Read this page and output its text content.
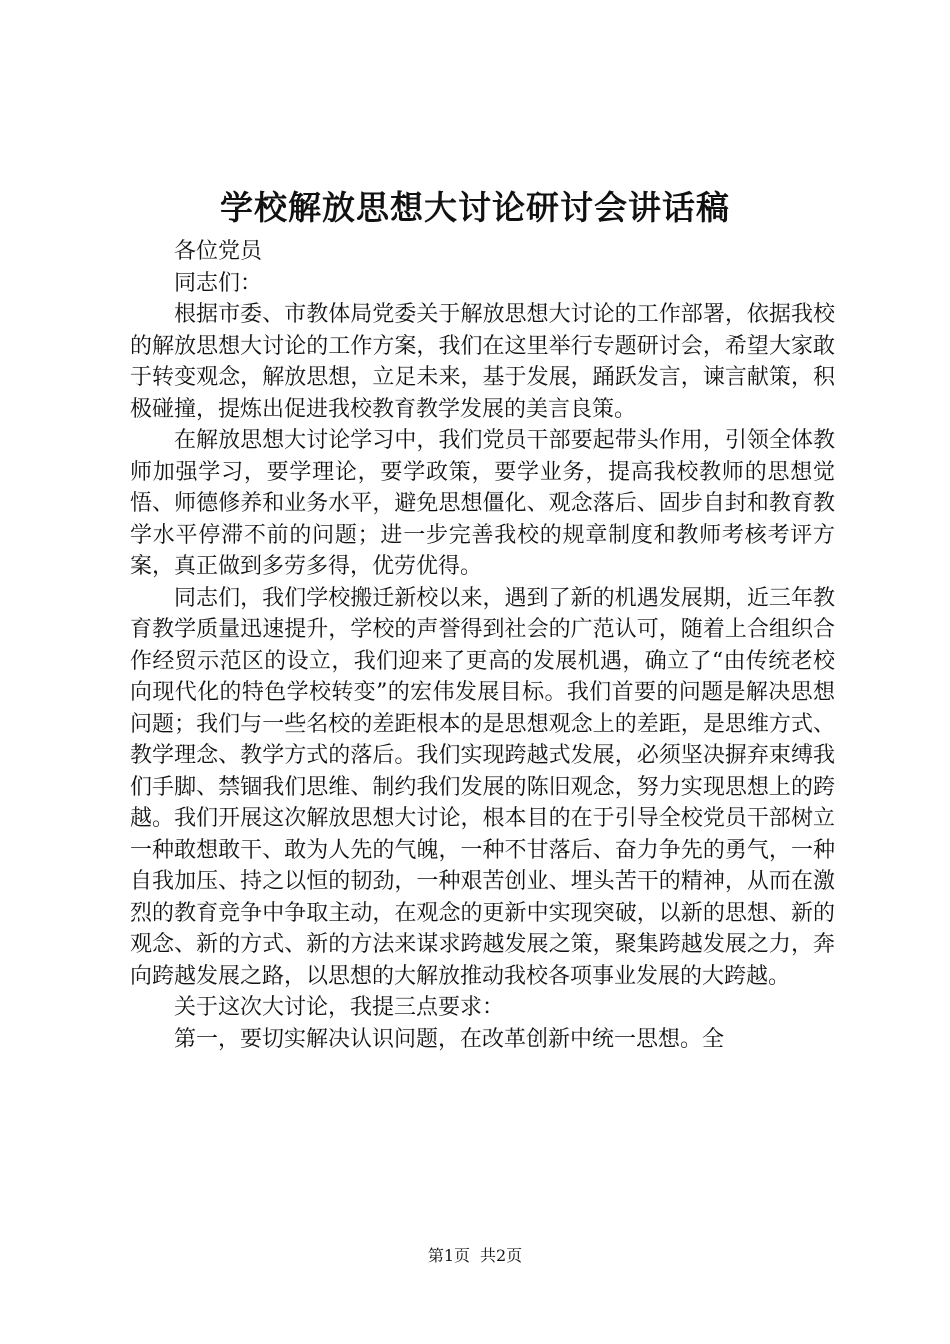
学校解放思想大讨论研讨会讲话稿

各位党员

同志们：

根据市委、市教体局党委关于解放思想大讨论的工作部署，依据我校的解放思想大讨论的工作方案，我们在这里举行专题研讨会，希望大家敢于转变观念，解放思想，立足未来，基于发展，踊跃发言，谏言献策，积极碰撞，提炼出促进我校教育教学发展的美言良策。

在解放思想大讨论学习中，我们党员干部要起带头作用，引领全体教师加强学习，要学理论，要学政策，要学业务，提高我校教师的思想觉悟、师德修养和业务水平，避免思想僵化、观念落后、固步自封和教育教学水平停滞不前的问题；进一步完善我校的规章制度和教师考核考评方案，真正做到多劳多得，优劳优得。

同志们，我们学校搬迁新校以来，遇到了新的机遇发展期，近三年教育教学质量迅速提升，学校的声誉得到社会的广范认可，随着上合组织合作经贸示范区的设立，我们迎来了更高的发展机遇，确立了“由传统老校向现代化的特色学校转变”的宏伟发展目标。我们首要的问题是解决思想问题；我们与一些名校的差距根本的是思想观念上的差距，是思维方式、教学理念、教学方式的落后。我们实现跨越式发展，必须坚决摒弃束缚我们手脚、禁锢我们思维、制约我们发展的陈旧观念，努力实现思想上的跨越。我们开展这次解放思想大讨论，根本目的在于引导全校党员干部树立一种敢想敢干、敢为人先的气魄，一种不甘落后、奋力争先的勇气，一种自我加压、持之以恒的韧劲，一种艰苦创业、埋头苦干的精神，从而在激烈的教育竞争中争取主动，在观念的更新中实现突破，以新的思想、新的观念、新的方式、新的方法来谋求跨越发展之策，聚集跨越发展之力，奔向跨越发展之路，以思想的大解放推动我校各项事业发展的大跨越。

关于这次大讨论，我提三点要求：

第一，要切实解决认识问题，在改革创新中统一思想。全

第1页 共2页
